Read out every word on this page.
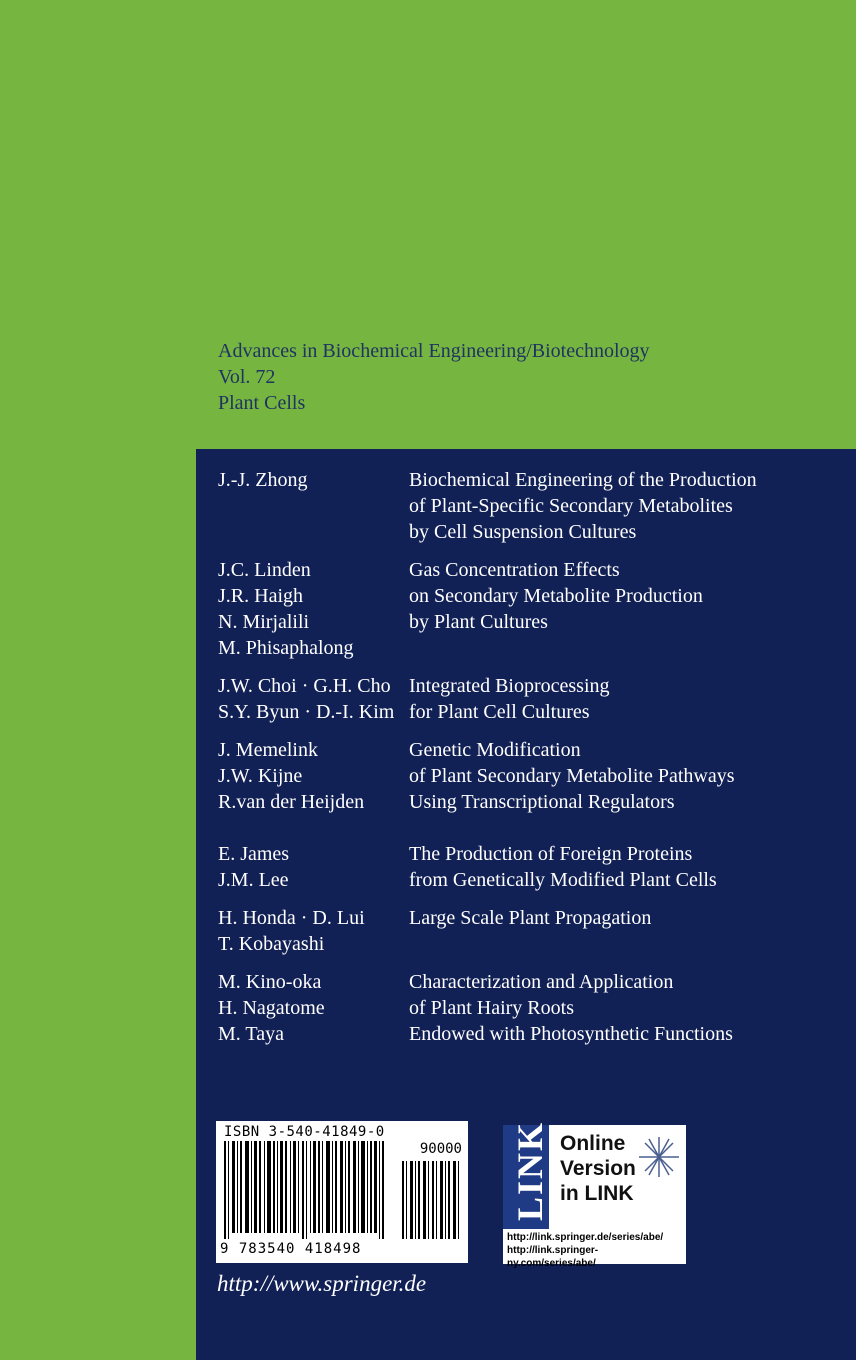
Advances in Biochemical Engineering/Biotechnology
Vol. 72
Plant Cells
J.-J. Zhong	Biochemical Engineering of the Production
of Plant-Specific Secondary Metabolites
by Cell Suspension Cultures
J.C. Linden
J.R. Haigh
N. Mirjalili
M. Phisaphalong
Gas Concentration Effects
on Secondary Metabolite Production
by Plant Cultures
J.W. Choi · G.H. Cho
S.Y. Byun · D.-I. Kim
Integrated Bioprocessing
for Plant Cell Cultures
J. Memelink
J.W. Kijne
R.van der Heijden
Genetic Modification
of Plant Secondary Metabolite Pathways
Using Transcriptional Regulators
E. James
J.M. Lee
The Production of Foreign Proteins
from Genetically Modified Plant Cells
H. Honda · D. Lui
T. Kobayashi
Large Scale Plant Propagation
M. Kino-oka
H. Nagatome
M. Taya
Characterization and Application
of Plant Hairy Roots
Endowed with Photosynthetic Functions
ISBN 3-540-41849-0
90000
9 783540 418498
http://www.springer.de
LINK Online
Version
in LINK
http://link.springer.de/series/abe/
http://link.springer-ny.com/series/abe/
